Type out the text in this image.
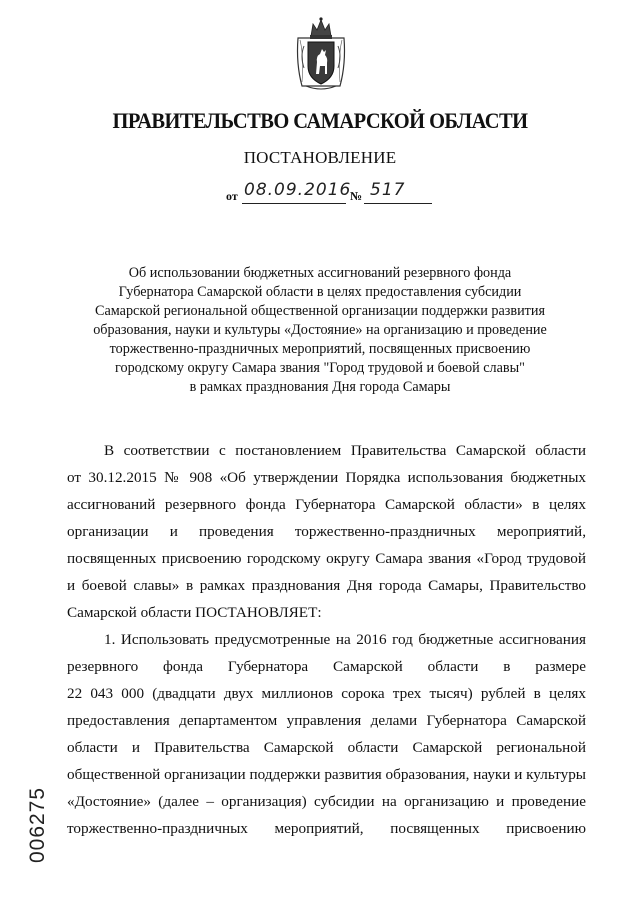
ПРАВИТЕЛЬСТВО САМАРСКОЙ ОБЛАСТИ
ПОСТАНОВЛЕНИЕ
от 08.09.2016
№ 517
Об использовании бюджетных ассигнований резервного фонда
Губернатора Самарской области в целях предоставления субсидии
Самарской региональной общественной организации поддержки развития
образования, науки и культуры «Достояние» на организацию и проведение
торжественно-праздничных мероприятий, посвященных присвоению
городскому округу Самара звания "Город трудовой и боевой славы"
в рамках празднования Дня города Самары
В соответствии с постановлением Правительства Самарской области
от 30.12.2015 № 908 «Об утверждении Порядка использования бюджетных
ассигнований резервного фонда Губернатора Самарской области» в целях
организации и проведения торжественно-праздничных мероприятий,
посвященных присвоению городскому округу Самара звания «Город трудовой
и боевой славы» в рамках празднования Дня города Самары, Правительство
Самарской области ПОСТАНОВЛЯЕТ:
1. Использовать предусмотренные на 2016 год бюджетные ассигнования
резервного фонда Губернатора Самарской области в размере
22 043 000 (двадцати двух миллионов сорока трех тысяч) рублей в целях
предоставления департаментом управления делами Губернатора Самарской
области и Правительства Самарской области Самарской региональной
общественной организации поддержки развития образования, науки и культуры
«Достояние» (далее – организация) субсидии на организацию и проведение
торжественно-праздничных мероприятий, посвященных присвоению
006275
